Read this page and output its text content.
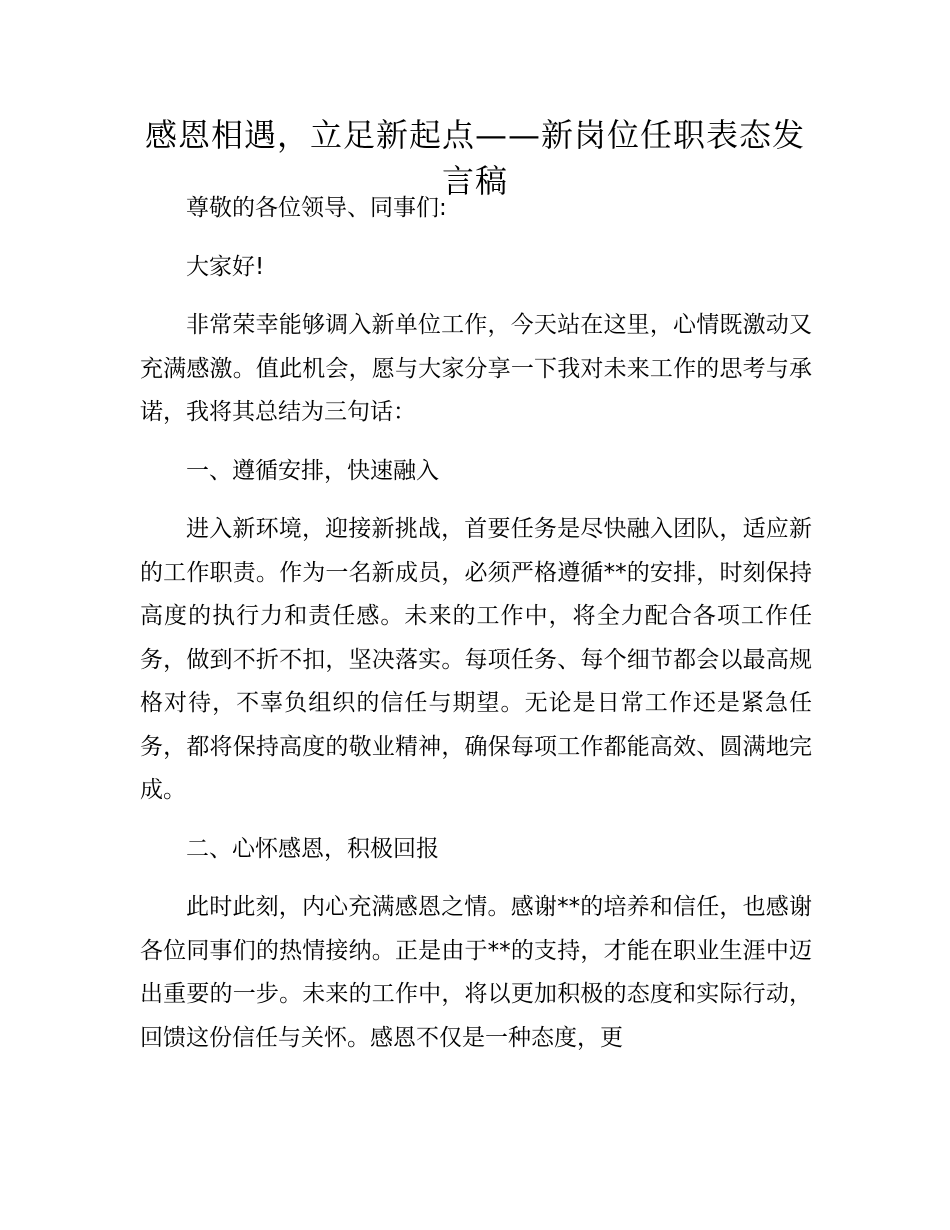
感恩相遇，立足新起点——新岗位任职表态发言稿

尊敬的各位领导、同事们:

大家好!

非常荣幸能够调入新单位工作，今天站在这里，心情既激动又充满感激。值此机会，愿与大家分享一下我对未来工作的思考与承诺，我将其总结为三句话：

一、遵循安排，快速融入

进入新环境，迎接新挑战，首要任务是尽快融入团队，适应新的工作职责。作为一名新成员，必须严格遵循**的安排，时刻保持高度的执行力和责任感。未来的工作中，将全力配合各项工作任务，做到不折不扣，坚决落实。每项任务、每个细节都会以最高规格对待，不辜负组织的信任与期望。无论是日常工作还是紧急任务，都将保持高度的敬业精神，确保每项工作都能高效、圆满地完成。

二、心怀感恩，积极回报

此时此刻，内心充满感恩之情。感谢**的培养和信任，也感谢各位同事们的热情接纳。正是由于**的支持，才能在职业生涯中迈出重要的一步。未来的工作中，将以更加积极的态度和实际行动，回馈这份信任与关怀。感恩不仅是一种态度，更
